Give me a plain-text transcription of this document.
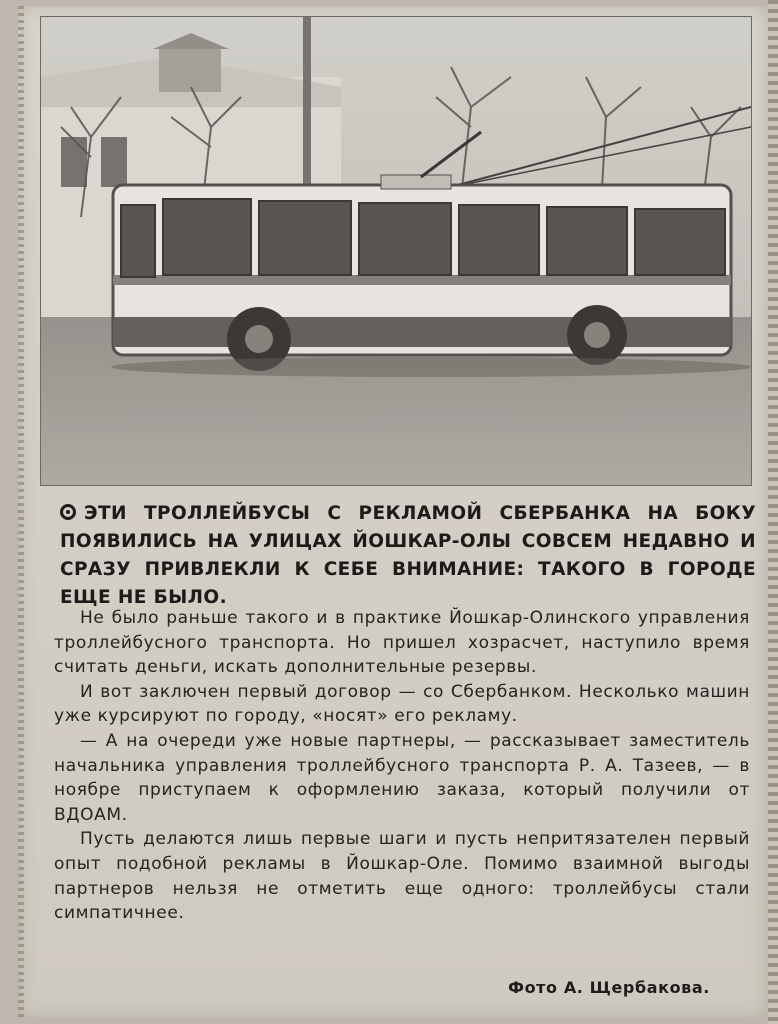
ЭТИ ТРОЛЛЕЙБУСЫ С РЕКЛАМОЙ СБЕРБАНКА НА БОКУ ПОЯВИЛИСЬ НА УЛИЦАХ ЙОШКАР-ОЛЫ СОВСЕМ НЕДАВНО И СРАЗУ ПРИВЛЕКЛИ К СЕБЕ ВНИМАНИЕ: ТАКОГО В ГОРОДЕ ЕЩЕ НЕ БЫЛО.

Не было раньше такого и в практике Йошкар-Олинского управления троллейбусного транспорта. Но пришел хозрасчет, наступило время считать деньги, искать дополнительные резервы.

И вот заключен первый договор — со Сбербанком. Несколько машин уже курсируют по городу, «носят» его рекламу.

— А на очереди уже новые партнеры, — рассказывает заместитель начальника управления троллейбусного транспорта Р. А. Тазеев, — в ноябре приступаем к оформлению заказа, который получили от ВДОАМ.

Пусть делаются лишь первые шаги и пусть непритязателен первый опыт подобной рекламы в Йошкар-Оле. Помимо взаимной выгоды партнеров нельзя не отметить еще одного: троллейбусы стали симпатичнее.

Фото А. Щербакова.
